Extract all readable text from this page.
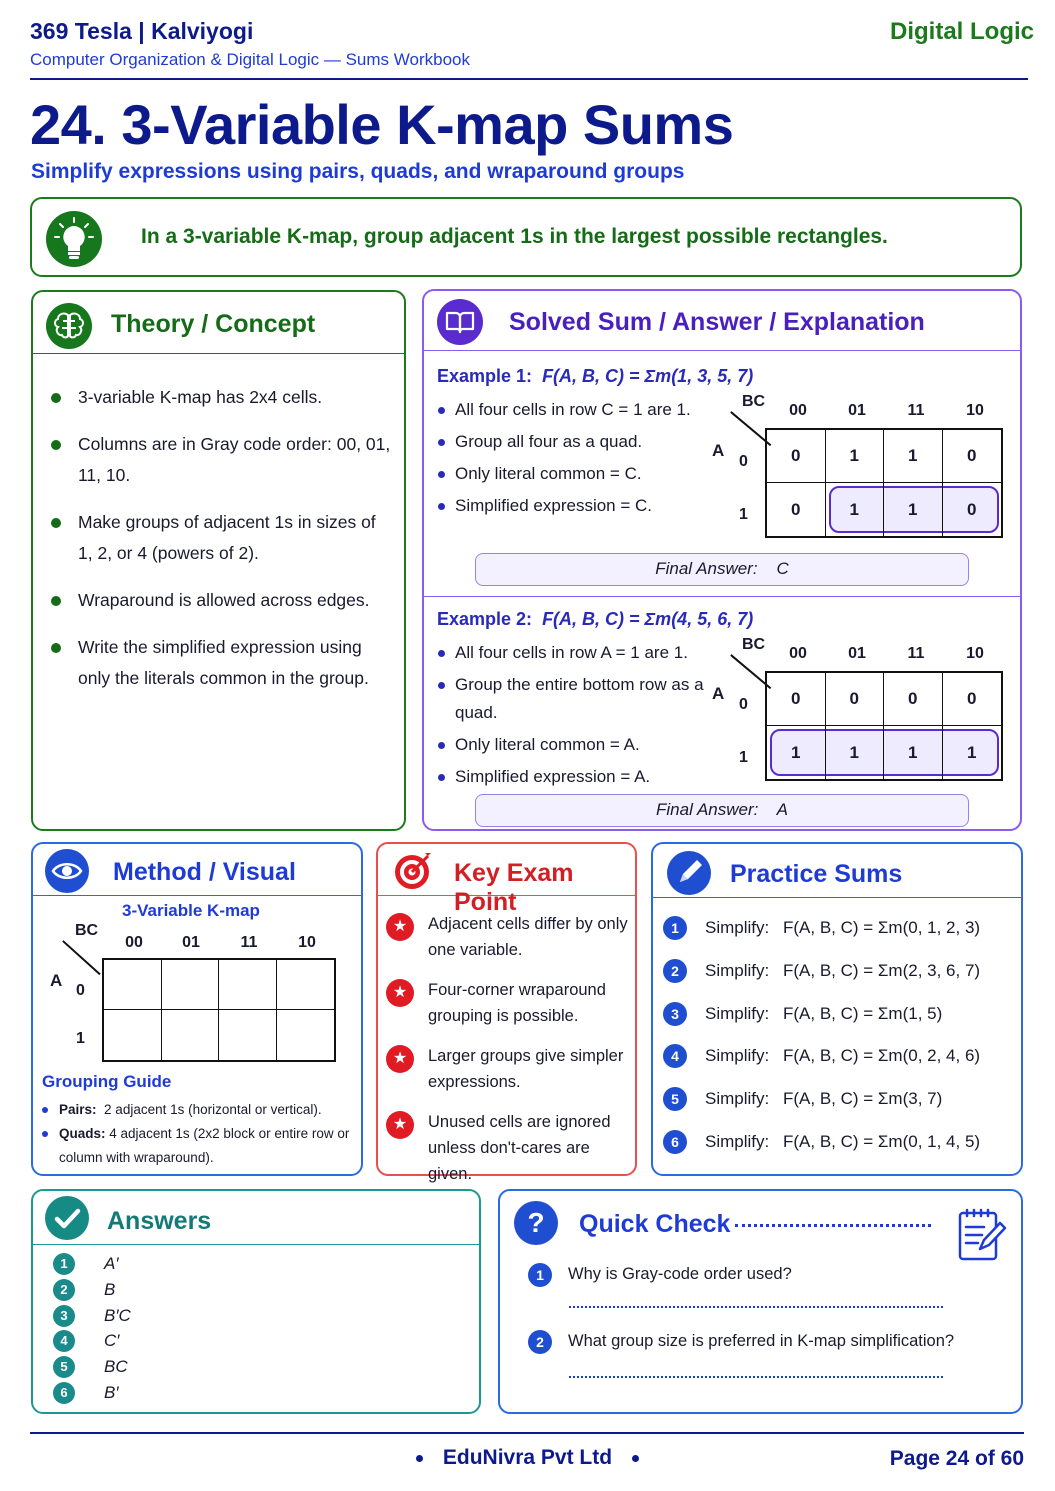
369 Tesla | Kalviyogi
Computer Organization & Digital Logic — Sums Workbook
Digital Logic
24. 3-Variable K-map Sums
Simplify expressions using pairs, quads, and wraparound groups
In a 3-variable K-map, group adjacent 1s in the largest possible rectangles.
Theory / Concept
3-variable K-map has 2x4 cells.
Columns are in Gray code order: 00, 01, 11, 10.
Make groups of adjacent 1s in sizes of 1, 2, or 4 (powers of 2).
Wraparound is allowed across edges.
Write the simplified expression using only the literals common in the group.
Solved Sum / Answer / Explanation
Example 1: F(A, B, C) = Σm(1, 3, 5, 7)
All four cells in row C = 1 are 1.
Group all four as a quad.
Only literal common = C.
Simplified expression = C.
BC
00	01	11	10
A
0
1
0	1	1	0
0	1	1	0
Final Answer: C
Example 2: F(A, B, C) = Σm(4, 5, 6, 7)
All four cells in row A = 1 are 1.
Group the entire bottom row as a quad.
Only literal common = A.
Simplified expression = A.
BC
00	01	11	10
A
0
1
0	0	0	0
1	1	1	1
Final Answer: A
Method / Visual
3-Variable K-map
BC
00	01	11	10
A
0
1
Grouping Guide
Pairs: 2 adjacent 1s (horizontal or vertical).
Quads: 4 adjacent 1s (2x2 block or entire row or column with wraparound).
Key Exam Point
★	Adjacent cells differ by only one variable.
★	Four-corner wraparound grouping is possible.
★	Larger groups give simpler expressions.
★	Unused cells are ignored unless don't-cares are given.
Practice Sums
1	Simplify: F(A, B, C) = Σm(0, 1, 2, 3)
2	Simplify: F(A, B, C) = Σm(2, 3, 6, 7)
3	Simplify: F(A, B, C) = Σm(1, 5)
4	Simplify: F(A, B, C) = Σm(0, 2, 4, 6)
5	Simplify: F(A, B, C) = Σm(3, 7)
6	Simplify: F(A, B, C) = Σm(0, 1, 4, 5)
Answers
1	A′
2	B
3	B′C
4	C′
5	BC
6	B′
? Quick Check
1	Why is Gray-code order used?
2	What group size is preferred in K-map simplification?
EduNivra Pvt Ltd	Page 24 of 60
